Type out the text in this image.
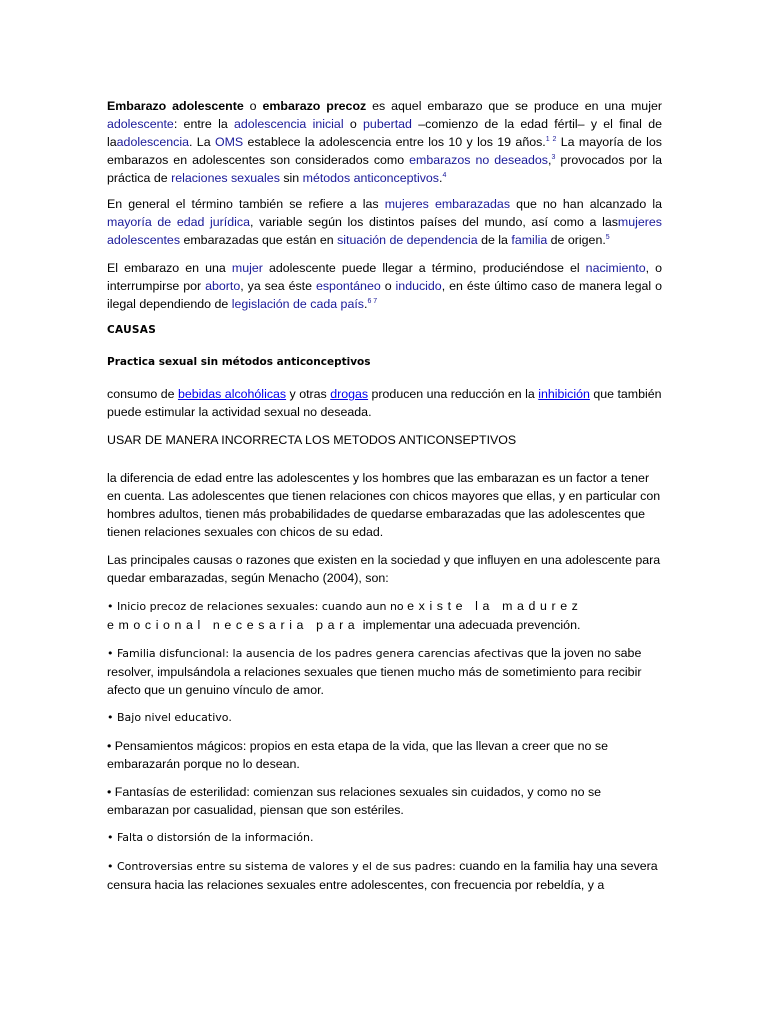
Embarazo adolescente o embarazo precoz es aquel embarazo que se produce en una mujer adolescente: entre la adolescencia inicial o pubertad –comienzo de la edad fértil– y el final de laadolescencia. La OMS establece la adolescencia entre los 10 y los 19 años.$^{1 2}$ La mayoría de los embarazos en adolescentes son considerados como embarazos no deseados,$^3$ provocados por la práctica de relaciones sexuales sin métodos anticonceptivos.$^4$

En general el término también se refiere a las mujeres embarazadas que no han alcanzado la mayoría de edad jurídica, variable según los distintos países del mundo, así como a lasmujeres adolescentes embarazadas que están en situación de dependencia de la familia de origen.$^5$

El embarazo en una mujer adolescente puede llegar a término, produciéndose el nacimiento, o interrumpirse por aborto, ya sea éste espontáneo o inducido, en éste último caso de manera legal o ilegal dependiendo de legislación de cada país.$^{6 7}$

CAUSAS

Practica sexual sin métodos anticonceptivos

consumo de bebidas alcohólicas y otras drogas producen una reducción en la inhibición que también puede estimular la actividad sexual no deseada.

USAR DE MANERA INCORRECTA LOS METODOS ANTICONSEPTIVOS

la diferencia de edad entre las adolescentes y los hombres que las embarazan es un factor a tener en cuenta. Las adolescentes que tienen relaciones con chicos mayores que ellas, y en particular con hombres adultos, tienen más probabilidades de quedarse embarazadas que las adolescentes que tienen relaciones sexuales con chicos de su edad.

Las principales causas o razones que existen en la sociedad y que influyen en una adolescente para quedar embarazadas, según Menacho (2004), son:

• Inicio precoz de relaciones sexuales: cuando aun no existe la madurez emocional necesaria para implementar una adecuada prevención.

• Familia disfuncional: la ausencia de los padres genera carencias afectivas que la joven no sabe resolver, impulsándola a relaciones sexuales que tienen mucho más de sometimiento para recibir afecto que un genuino vínculo de amor.

• Bajo nivel educativo.

• Pensamientos mágicos: propios en esta etapa de la vida, que las llevan a creer que no se embarazarán porque no lo desean.

• Fantasías de esterilidad: comienzan sus relaciones sexuales sin cuidados, y como no se embarazan por casualidad, piensan que son estériles.

• Falta o distorsión de la información.

• Controversias entre su sistema de valores y el de sus padres: cuando en la familia hay una severa censura hacia las relaciones sexuales entre adolescentes, con frecuencia por rebeldía, y a
